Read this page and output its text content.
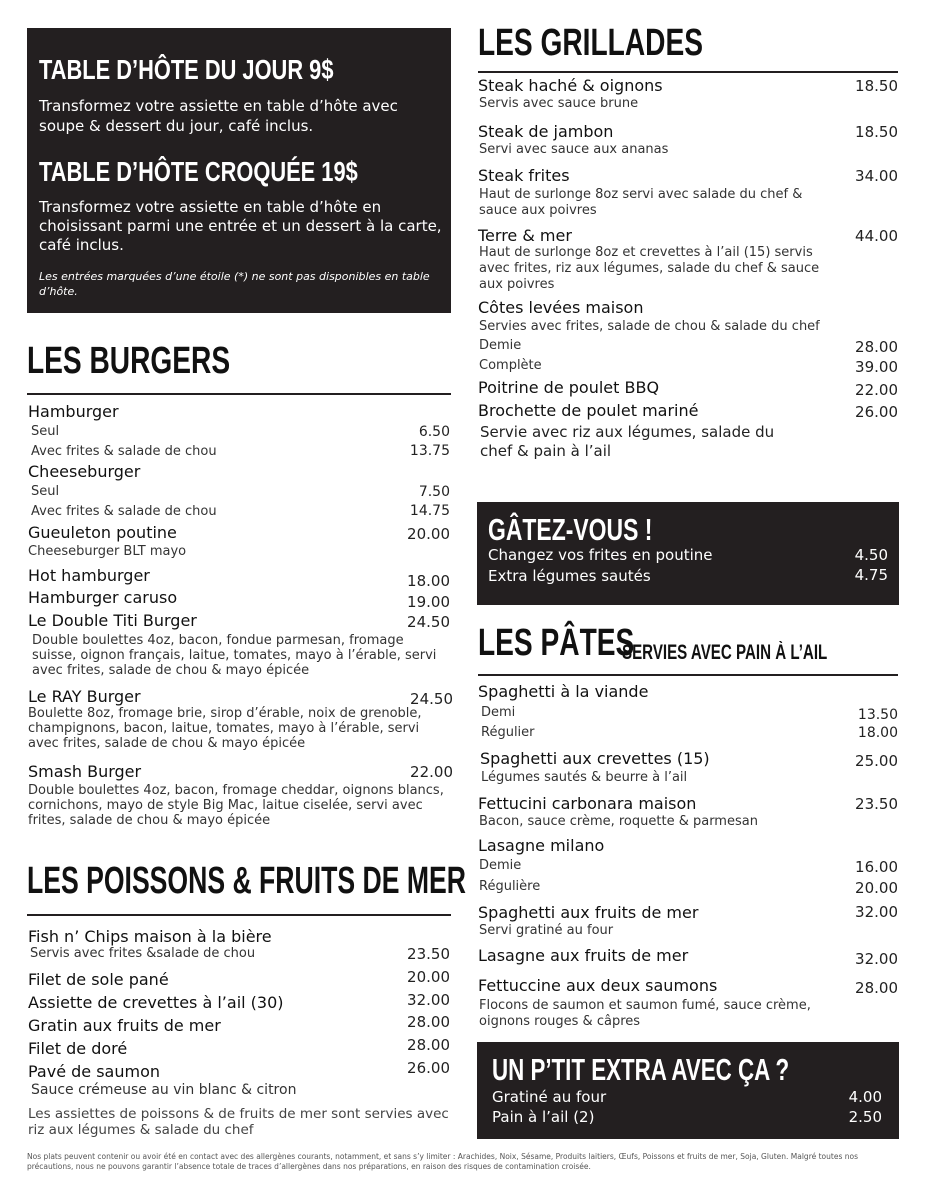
TABLE D’HÔTE DU JOUR 9$
Transformez votre assiette en table d’hôte avec soupe & dessert du jour, café inclus.
TABLE D’HÔTE CROQUÉE 19$
Transformez votre assiette en table d’hôte en choisissant parmi une entrée et un dessert à la carte, café inclus.
Les entrées marquées d’une étoile (*) ne sont pas disponibles en table d’hôte.
LES BURGERS
Hamburger
Seul	6.50
Avec frites & salade de chou	13.75
Cheeseburger
Seul	7.50
Avec frites & salade de chou	14.75
Gueuleton poutine	20.00
Cheeseburger BLT mayo
Hot hamburger	18.00
Hamburger caruso	19.00
Le Double Titi Burger	24.50
Double boulettes 4oz, bacon, fondue parmesan, fromage suisse, oignon français, laitue, tomates, mayo à l’érable, servi avec frites, salade de chou & mayo épicée
Le RAY Burger	24.50
Boulette 8oz, fromage brie, sirop d’érable, noix de grenoble, champignons, bacon, laitue, tomates, mayo à l’érable, servi avec frites, salade de chou & mayo épicée
Smash Burger	22.00
Double boulettes 4oz, bacon, fromage cheddar, oignons blancs, cornichons, mayo de style Big Mac, laitue ciselée, servi avec frites, salade de chou & mayo épicée
LES POISSONS & FRUITS DE MER
Fish n’ Chips maison à la bière
Servis avec frites &salade de chou	23.50
Filet de sole pané	20.00
Assiette de crevettes à l’ail (30)	32.00
Gratin aux fruits de mer	28.00
Filet de doré	28.00
Pavé de saumon	26.00
Sauce crémeuse au vin blanc & citron
Les assiettes de poissons & de fruits de mer sont servies avec riz aux légumes & salade du chef
LES GRILLADES
Steak haché & oignons	18.50
Servis avec sauce brune
Steak de jambon	18.50
Servi avec sauce aux ananas
Steak frites	34.00
Haut de surlonge 8oz servi avec salade du chef & sauce aux poivres
Terre & mer	44.00
Haut de surlonge 8oz et crevettes à l’ail (15) servis avec frites, riz aux légumes, salade du chef & sauce aux poivres
Côtes levées maison
Servies avec frites, salade de chou & salade du chef
Demie	28.00
Complète	39.00
Poitrine de poulet BBQ	22.00
Brochette de poulet mariné	26.00
Servie avec riz aux légumes, salade du chef & pain à l’ail
GÂTEZ-VOUS !
Changez vos frites en poutine	4.50
Extra légumes sautés	4.75
LES PÂTES
SERVIES AVEC PAIN À L’AIL
Spaghetti à la viande
Demi	13.50
Régulier	18.00
Spaghetti aux crevettes (15)	25.00
Légumes sautés & beurre à l’ail
Fettucini carbonara maison	23.50
Bacon, sauce crème, roquette & parmesan
Lasagne milano
Demie	16.00
Régulière	20.00
Spaghetti aux fruits de mer	32.00
Servi gratiné au four
Lasagne aux fruits de mer	32.00
Fettuccine aux deux saumons	28.00
Flocons de saumon et saumon fumé, sauce crème, oignons rouges & câpres
UN P’TIT EXTRA AVEC ÇA ?
Gratiné au four	4.00
Pain à l’ail (2)	2.50
Nos plats peuvent contenir ou avoir été en contact avec des allergènes courants, notamment, et sans s’y limiter : Arachides, Noix, Sésame, Produits laitiers, Œufs, Poissons et fruits de mer, Soja, Gluten. Malgré toutes nos précautions, nous ne pouvons garantir l’absence totale de traces d’allergènes dans nos préparations, en raison des risques de contamination croisée.
